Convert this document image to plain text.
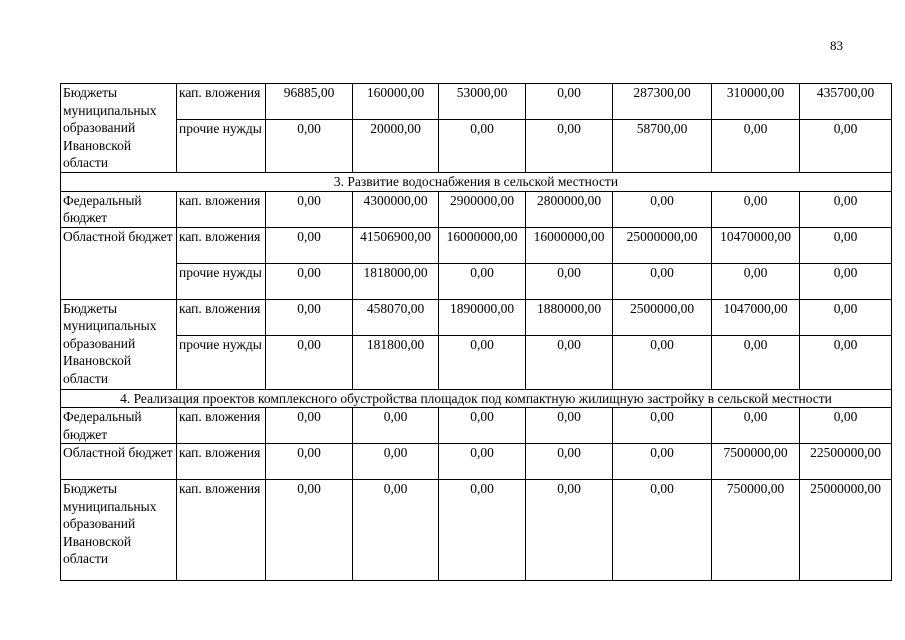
83
Бюджеты муниципальных образований Ивановской области	кап. вложения	96885,00	160000,00	53000,00	0,00	287300,00	310000,00	435700,00
	прочие нужды	0,00	20000,00	0,00	0,00	58700,00	0,00	0,00
3. Развитие водоснабжения в сельской местности								
Федеральный бюджет	кап. вложения	0,00	4300000,00	2900000,00	2800000,00	0,00	0,00	0,00
Областной бюджет	кап. вложения	0,00	41506900,00	16000000,00	16000000,00	25000000,00	10470000,00	0,00
	прочие нужды	0,00	1818000,00	0,00	0,00	0,00	0,00	0,00
Бюджеты муниципальных образований Ивановской области	кап. вложения	0,00	458070,00	1890000,00	1880000,00	2500000,00	1047000,00	0,00
	прочие нужды	0,00	181800,00	0,00	0,00	0,00	0,00	0,00
4. Реализация проектов комплексного обустройства площадок под компактную жилищную застройку в сельской местности								
Федеральный бюджет	кап. вложения	0,00	0,00	0,00	0,00	0,00	0,00	0,00
Областной бюджет	кап. вложения	0,00	0,00	0,00	0,00	0,00	7500000,00	22500000,00
Бюджеты муниципальных образований Ивановской области	кап. вложения	0,00	0,00	0,00	0,00	0,00	750000,00	25000000,00
